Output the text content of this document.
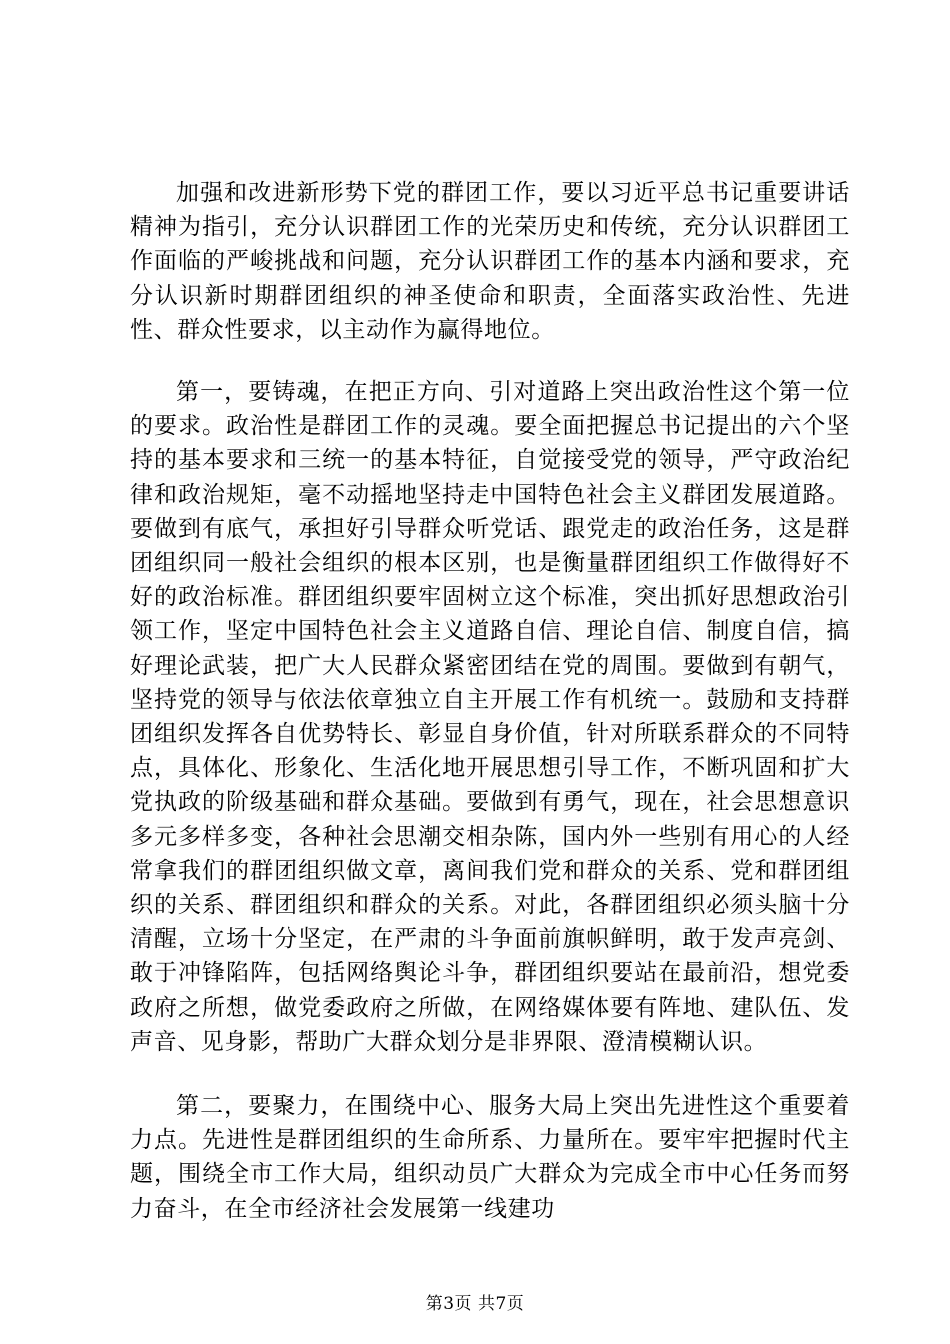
加强和改进新形势下党的群团工作，要以习近平总书记重要讲话精神为指引，充分认识群团工作的光荣历史和传统，充分认识群团工作面临的严峻挑战和问题，充分认识群团工作的基本内涵和要求，充分认识新时期群团组织的神圣使命和职责，全面落实政治性、先进性、群众性要求，以主动作为赢得地位。

第一，要铸魂，在把正方向、引对道路上突出政治性这个第一位的要求。政治性是群团工作的灵魂。要全面把握总书记提出的六个坚持的基本要求和三统一的基本特征，自觉接受党的领导，严守政治纪律和政治规矩，毫不动摇地坚持走中国特色社会主义群团发展道路。要做到有底气，承担好引导群众听党话、跟党走的政治任务，这是群团组织同一般社会组织的根本区别，也是衡量群团组织工作做得好不好的政治标准。群团组织要牢固树立这个标准，突出抓好思想政治引领工作，坚定中国特色社会主义道路自信、理论自信、制度自信，搞好理论武装，把广大人民群众紧密团结在党的周围。要做到有朝气，坚持党的领导与依法依章独立自主开展工作有机统一。鼓励和支持群团组织发挥各自优势特长、彰显自身价值，针对所联系群众的不同特点，具体化、形象化、生活化地开展思想引导工作，不断巩固和扩大党执政的阶级基础和群众基础。要做到有勇气，现在，社会思想意识多元多样多变，各种社会思潮交相杂陈，国内外一些别有用心的人经常拿我们的群团组织做文章，离间我们党和群众的关系、党和群团组织的关系、群团组织和群众的关系。对此，各群团组织必须头脑十分清醒，立场十分坚定，在严肃的斗争面前旗帜鲜明，敢于发声亮剑、敢于冲锋陷阵，包括网络舆论斗争，群团组织要站在最前沿，想党委政府之所想，做党委政府之所做，在网络媒体要有阵地、建队伍、发声音、见身影，帮助广大群众划分是非界限、澄清模糊认识。

第二，要聚力，在围绕中心、服务大局上突出先进性这个重要着力点。先进性是群团组织的生命所系、力量所在。要牢牢把握时代主题，围绕全市工作大局，组织动员广大群众为完成全市中心任务而努力奋斗，在全市经济社会发展第一线建功

第3页 共7页
